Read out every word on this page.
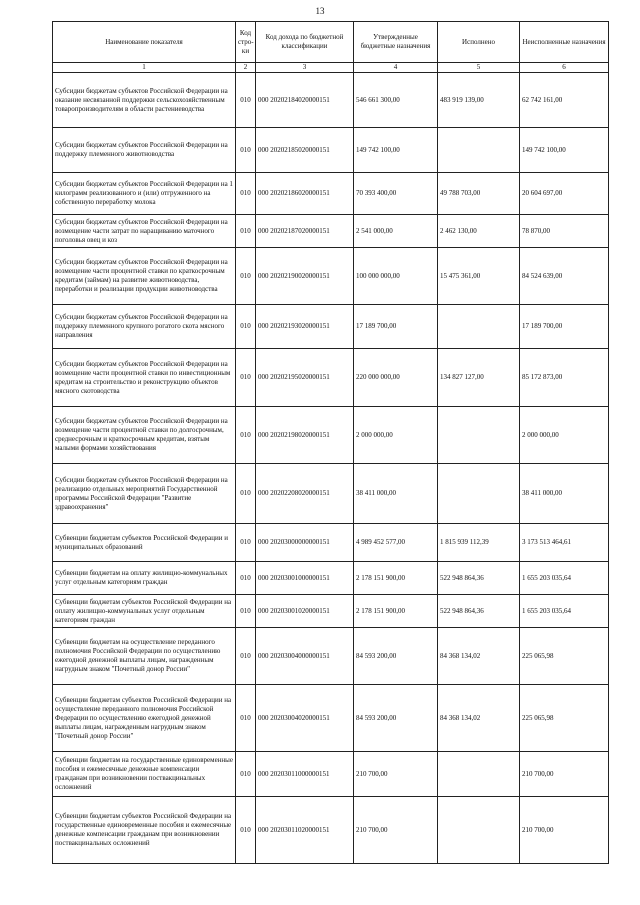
13
Наименование показателя	Код стро-ки	Код дохода по бюджетной классификации	Утвержденные бюджетные назначения	Исполнено	Неисполненные назначения
1	2	3	4	5	6
Субсидии бюджетам субъектов Российской Федерации на оказание несвязанной поддержки сельскохозяйственным товаропроизводителям в области растениеводства	010	000 20202184020000151	546 661 300,00	483 919 139,00	62 742 161,00
Субсидии бюджетам субъектов Российской Федерации на поддержку племенного животноводства	010	000 20202185020000151	149 742 100,00		149 742 100,00
Субсидии бюджетам субъектов Российской Федерации на 1 килограмм реализованного и (или) отгруженного на собственную переработку молока	010	000 20202186020000151	70 393 400,00	49 788 703,00	20 604 697,00
Субсидии бюджетам субъектов Российской Федерации на возмещение части затрат по наращиванию маточного поголовья овец и коз	010	000 20202187020000151	2 541 000,00	2 462 130,00	78 870,00
Субсидии бюджетам субъектов Российской Федерации на возмещение части процентной ставки по краткосрочным кредитам (займам) на развитие животноводства, переработки и реализации продукции животноводства	010	000 20202190020000151	100 000 000,00	15 475 361,00	84 524 639,00
Субсидии бюджетам субъектов Российской Федерации на поддержку племенного крупного рогатого скота мясного направления	010	000 20202193020000151	17 189 700,00		17 189 700,00
Субсидии бюджетам субъектов Российской Федерации на возмещение части процентной ставки по инвестиционным кредитам на строительство и реконструкцию объектов мясного скотоводства	010	000 20202195020000151	220 000 000,00	134 827 127,00	85 172 873,00
Субсидии бюджетам субъектов Российской Федерации на возмещение части процентной ставки по долгосрочным, среднесрочным и краткосрочным кредитам, взятым малыми формами хозяйствования	010	000 20202198020000151	2 000 000,00		2 000 000,00
Субсидии бюджетам субъектов Российской Федерации на реализацию отдельных мероприятий Государственной программы Российской Федерации "Развитие здравоохранения"	010	000 20202208020000151	38 411 000,00		38 411 000,00
Субвенции бюджетам субъектов Российской Федерации и муниципальных образований	010	000 20203000000000151	4 989 452 577,00	1 815 939 112,39	3 173 513 464,61
Субвенции бюджетам на оплату жилищно-коммунальных услуг отдельным категориям граждан	010	000 20203001000000151	2 178 151 900,00	522 948 864,36	1 655 203 035,64
Субвенции бюджетам субъектов Российской Федерации на оплату жилищно-коммунальных услуг отдельным категориям граждан	010	000 20203001020000151	2 178 151 900,00	522 948 864,36	1 655 203 035,64
Субвенции бюджетам на осуществление переданного полномочия Российской Федерации по осуществлению ежегодной денежной выплаты лицам, награжденным нагрудным знаком "Почетный донор России"	010	000 20203004000000151	84 593 200,00	84 368 134,02	225 065,98
Субвенции бюджетам субъектов Российской Федерации на осуществление переданного полномочия Российской Федерации по осуществлению ежегодной денежной выплаты лицам, награжденным нагрудным знаком "Почетный донор России"	010	000 20203004020000151	84 593 200,00	84 368 134,02	225 065,98
Субвенции бюджетам на государственные единовременные пособия и ежемесячные денежные компенсации гражданам при возникновении поствакцинальных осложнений	010	000 20203011000000151	210 700,00		210 700,00
Субвенции бюджетам субъектов Российской Федерации на государственные единовременные пособия и ежемесячные денежные компенсации гражданам при возникновении поствакцинальных осложнений	010	000 20203011020000151	210 700,00		210 700,00
